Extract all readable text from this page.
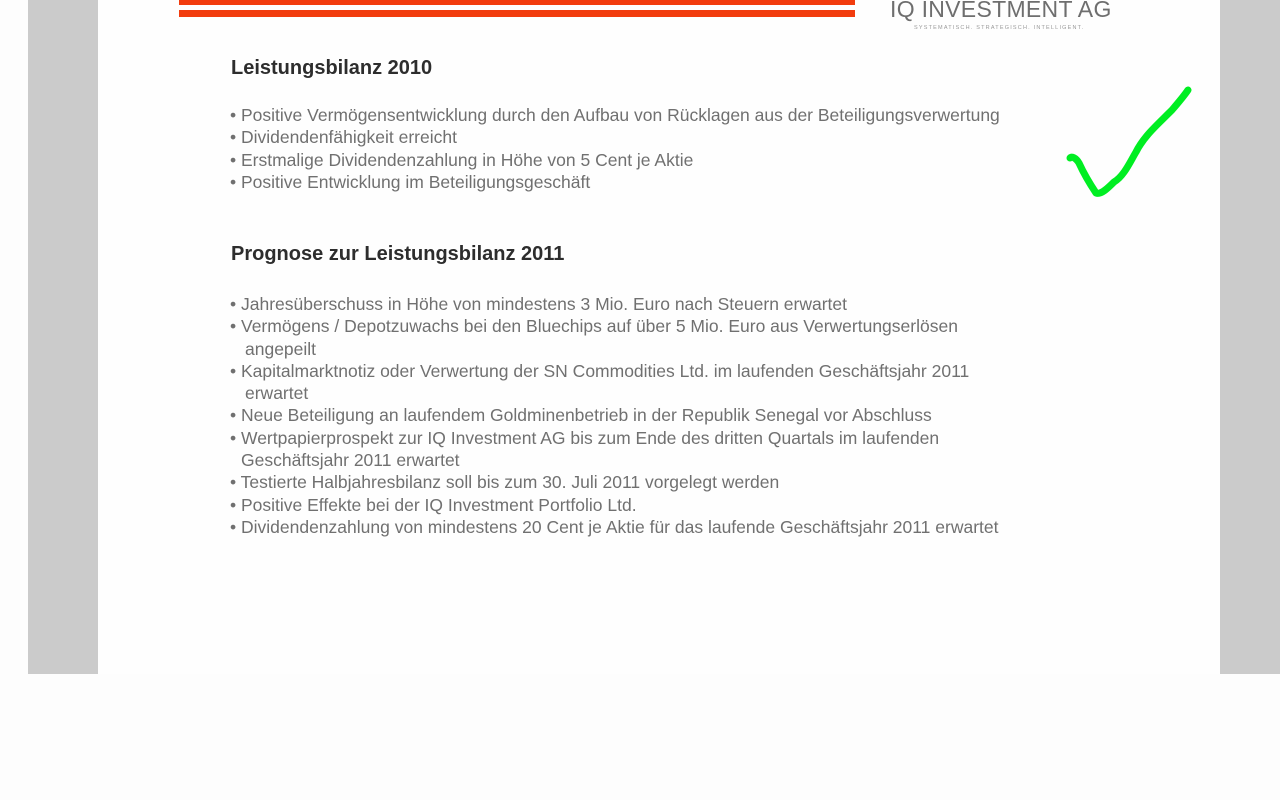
IQ INVESTMENT AG
SYSTEMATISCH. STRATEGISCH. INTELLIGENT.
Leistungsbilanz 2010
• Positive Vermögensentwicklung durch den Aufbau von Rücklagen aus der Beteiligungsverwertung
• Dividendenfähigkeit erreicht
• Erstmalige Dividendenzahlung in Höhe von 5 Cent je Aktie
• Positive Entwicklung im Beteiligungsgeschäft
Prognose zur Leistungsbilanz 2011
• Jahresüberschuss in Höhe von mindestens 3 Mio. Euro nach Steuern erwartet
• Vermögens / Depotzuwachs bei den Bluechips auf über 5 Mio. Euro aus Verwertungserlösen
angepeilt
• Kapitalmarktnotiz oder Verwertung der SN Commodities Ltd. im laufenden Geschäftsjahr 2011
erwartet
• Neue Beteiligung an laufendem Goldminenbetrieb in der Republik Senegal vor Abschluss
• Wertpapierprospekt zur IQ Investment AG bis zum Ende des dritten Quartals im laufenden
Geschäftsjahr 2011 erwartet
• Testierte Halbjahresbilanz soll bis zum 30. Juli 2011 vorgelegt werden
• Positive Effekte bei der IQ Investment Portfolio Ltd.
• Dividendenzahlung von mindestens 20 Cent je Aktie für das laufende Geschäftsjahr 2011 erwartet
